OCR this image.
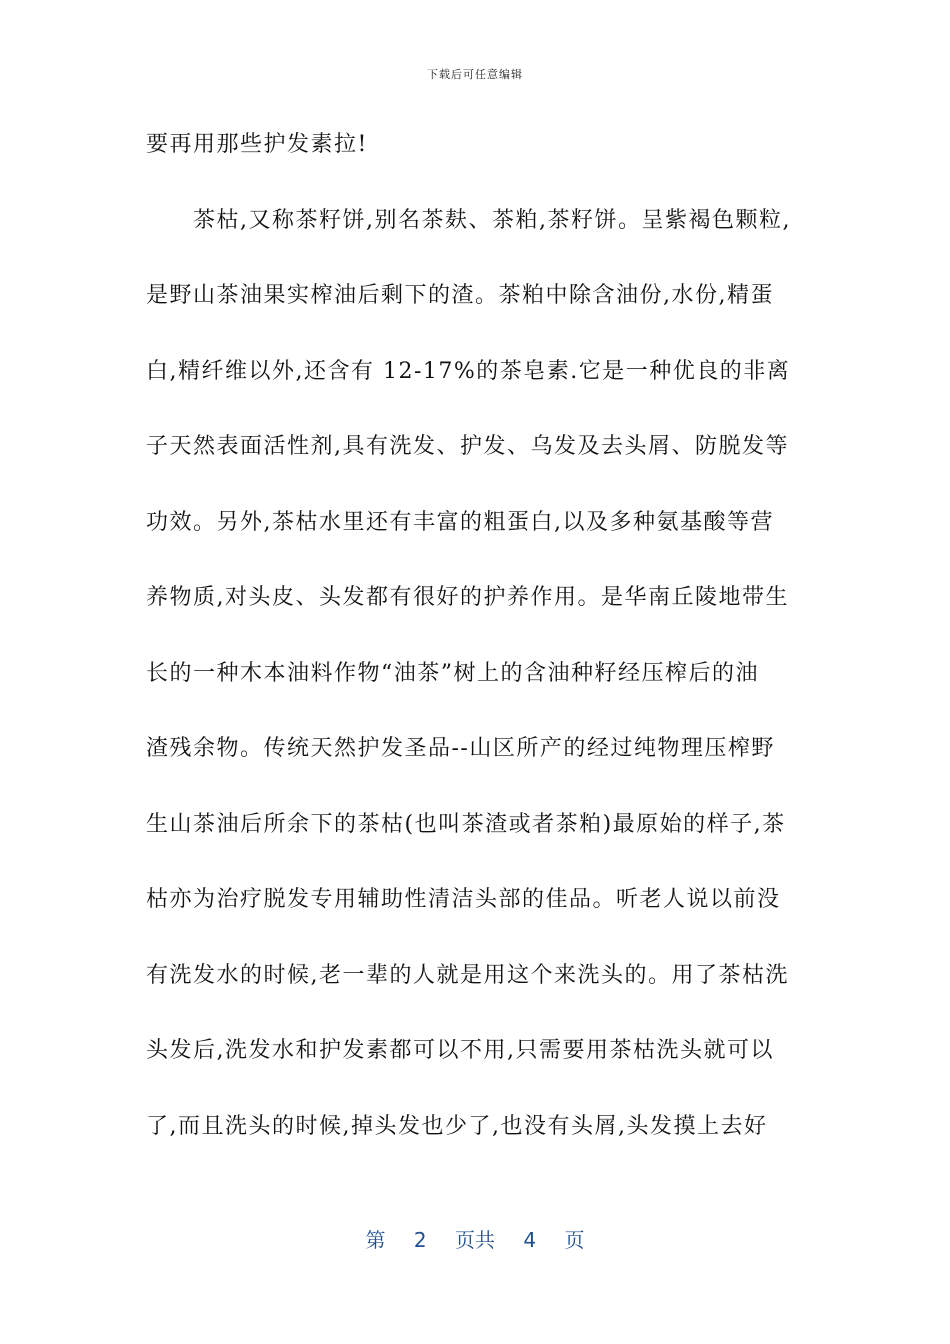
下载后可任意编辑
要再用那些护发素拉!
　　茶枯,又称茶籽饼,别名茶麸、茶粕,茶籽饼。呈紫褐色颗粒,
是野山茶油果实榨油后剩下的渣。茶粕中除含油份,水份,精蛋
白,精纤维以外,还含有 12-17%的茶皂素.它是一种优良的非离
子天然表面活性剂,具有洗发、护发、乌发及去头屑、防脱发等
功效。另外,茶枯水里还有丰富的粗蛋白,以及多种氨基酸等营
养物质,对头皮、头发都有很好的护养作用。是华南丘陵地带生
长的一种木本油料作物“油茶”树上的含油种籽经压榨后的油
渣残余物。传统天然护发圣品--山区所产的经过纯物理压榨野
生山茶油后所余下的茶枯(也叫茶渣或者茶粕)最原始的样子,茶
枯亦为治疗脱发专用辅助性清洁头部的佳品。听老人说以前没
有洗发水的时候,老一辈的人就是用这个来洗头的。用了茶枯洗
头发后,洗发水和护发素都可以不用,只需要用茶枯洗头就可以
了,而且洗头的时候,掉头发也少了,也没有头屑,头发摸上去好
第 2 页共 4 页
